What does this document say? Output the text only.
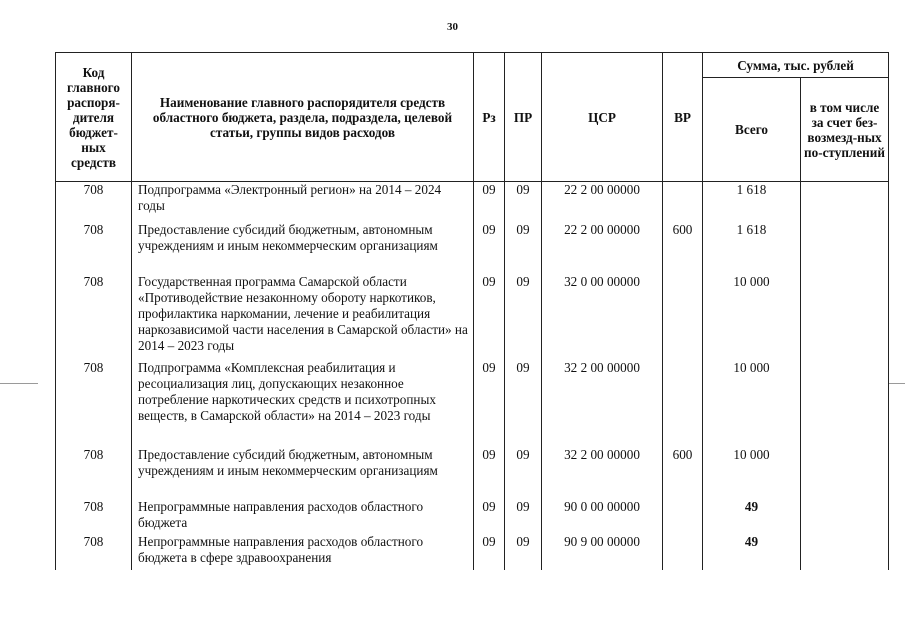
30
Код главного распоря-дителя бюджет-ных средств	Наименование главного распорядителя средств областного бюджета, раздела, подраздела, целевой статьи, группы видов расходов	Рз	ПР	ЦСР	ВР	Сумма, тыс. рублей	
						Всего	в том числе за счет без-возмезд-ных по-ступлений
708	Подпрограмма «Электронный регион» на 2014 – 2024 годы	09	09	22 2 00 00000		1 618	
708	Предоставление субсидий бюджетным, автономным учреждениям и иным некоммерческим организациям	09	09	22 2 00 00000	600	1 618	
708	Государственная программа Самарской области «Противодействие незаконному обороту наркотиков, профилактика наркомании, лечение и реабилитация наркозависимой части населения в Самарской области» на 2014 – 2023 годы	09	09	32 0 00 00000		10 000	
708	Подпрограмма «Комплексная реабилитация и ресоциализация лиц, допускающих незаконное потребление наркотических средств и психотропных веществ, в Самарской области» на 2014 – 2023 годы	09	09	32 2 00 00000		10 000	
708	Предоставление субсидий бюджетным, автономным учреждениям и иным некоммерческим организациям	09	09	32 2 00 00000	600	10 000	
708	Непрограммные направления расходов областного бюджета	09	09	90 0 00 00000		49	
708	Непрограммные направления расходов областного бюджета в сфере здравоохранения	09	09	90 9 00 00000		49	
